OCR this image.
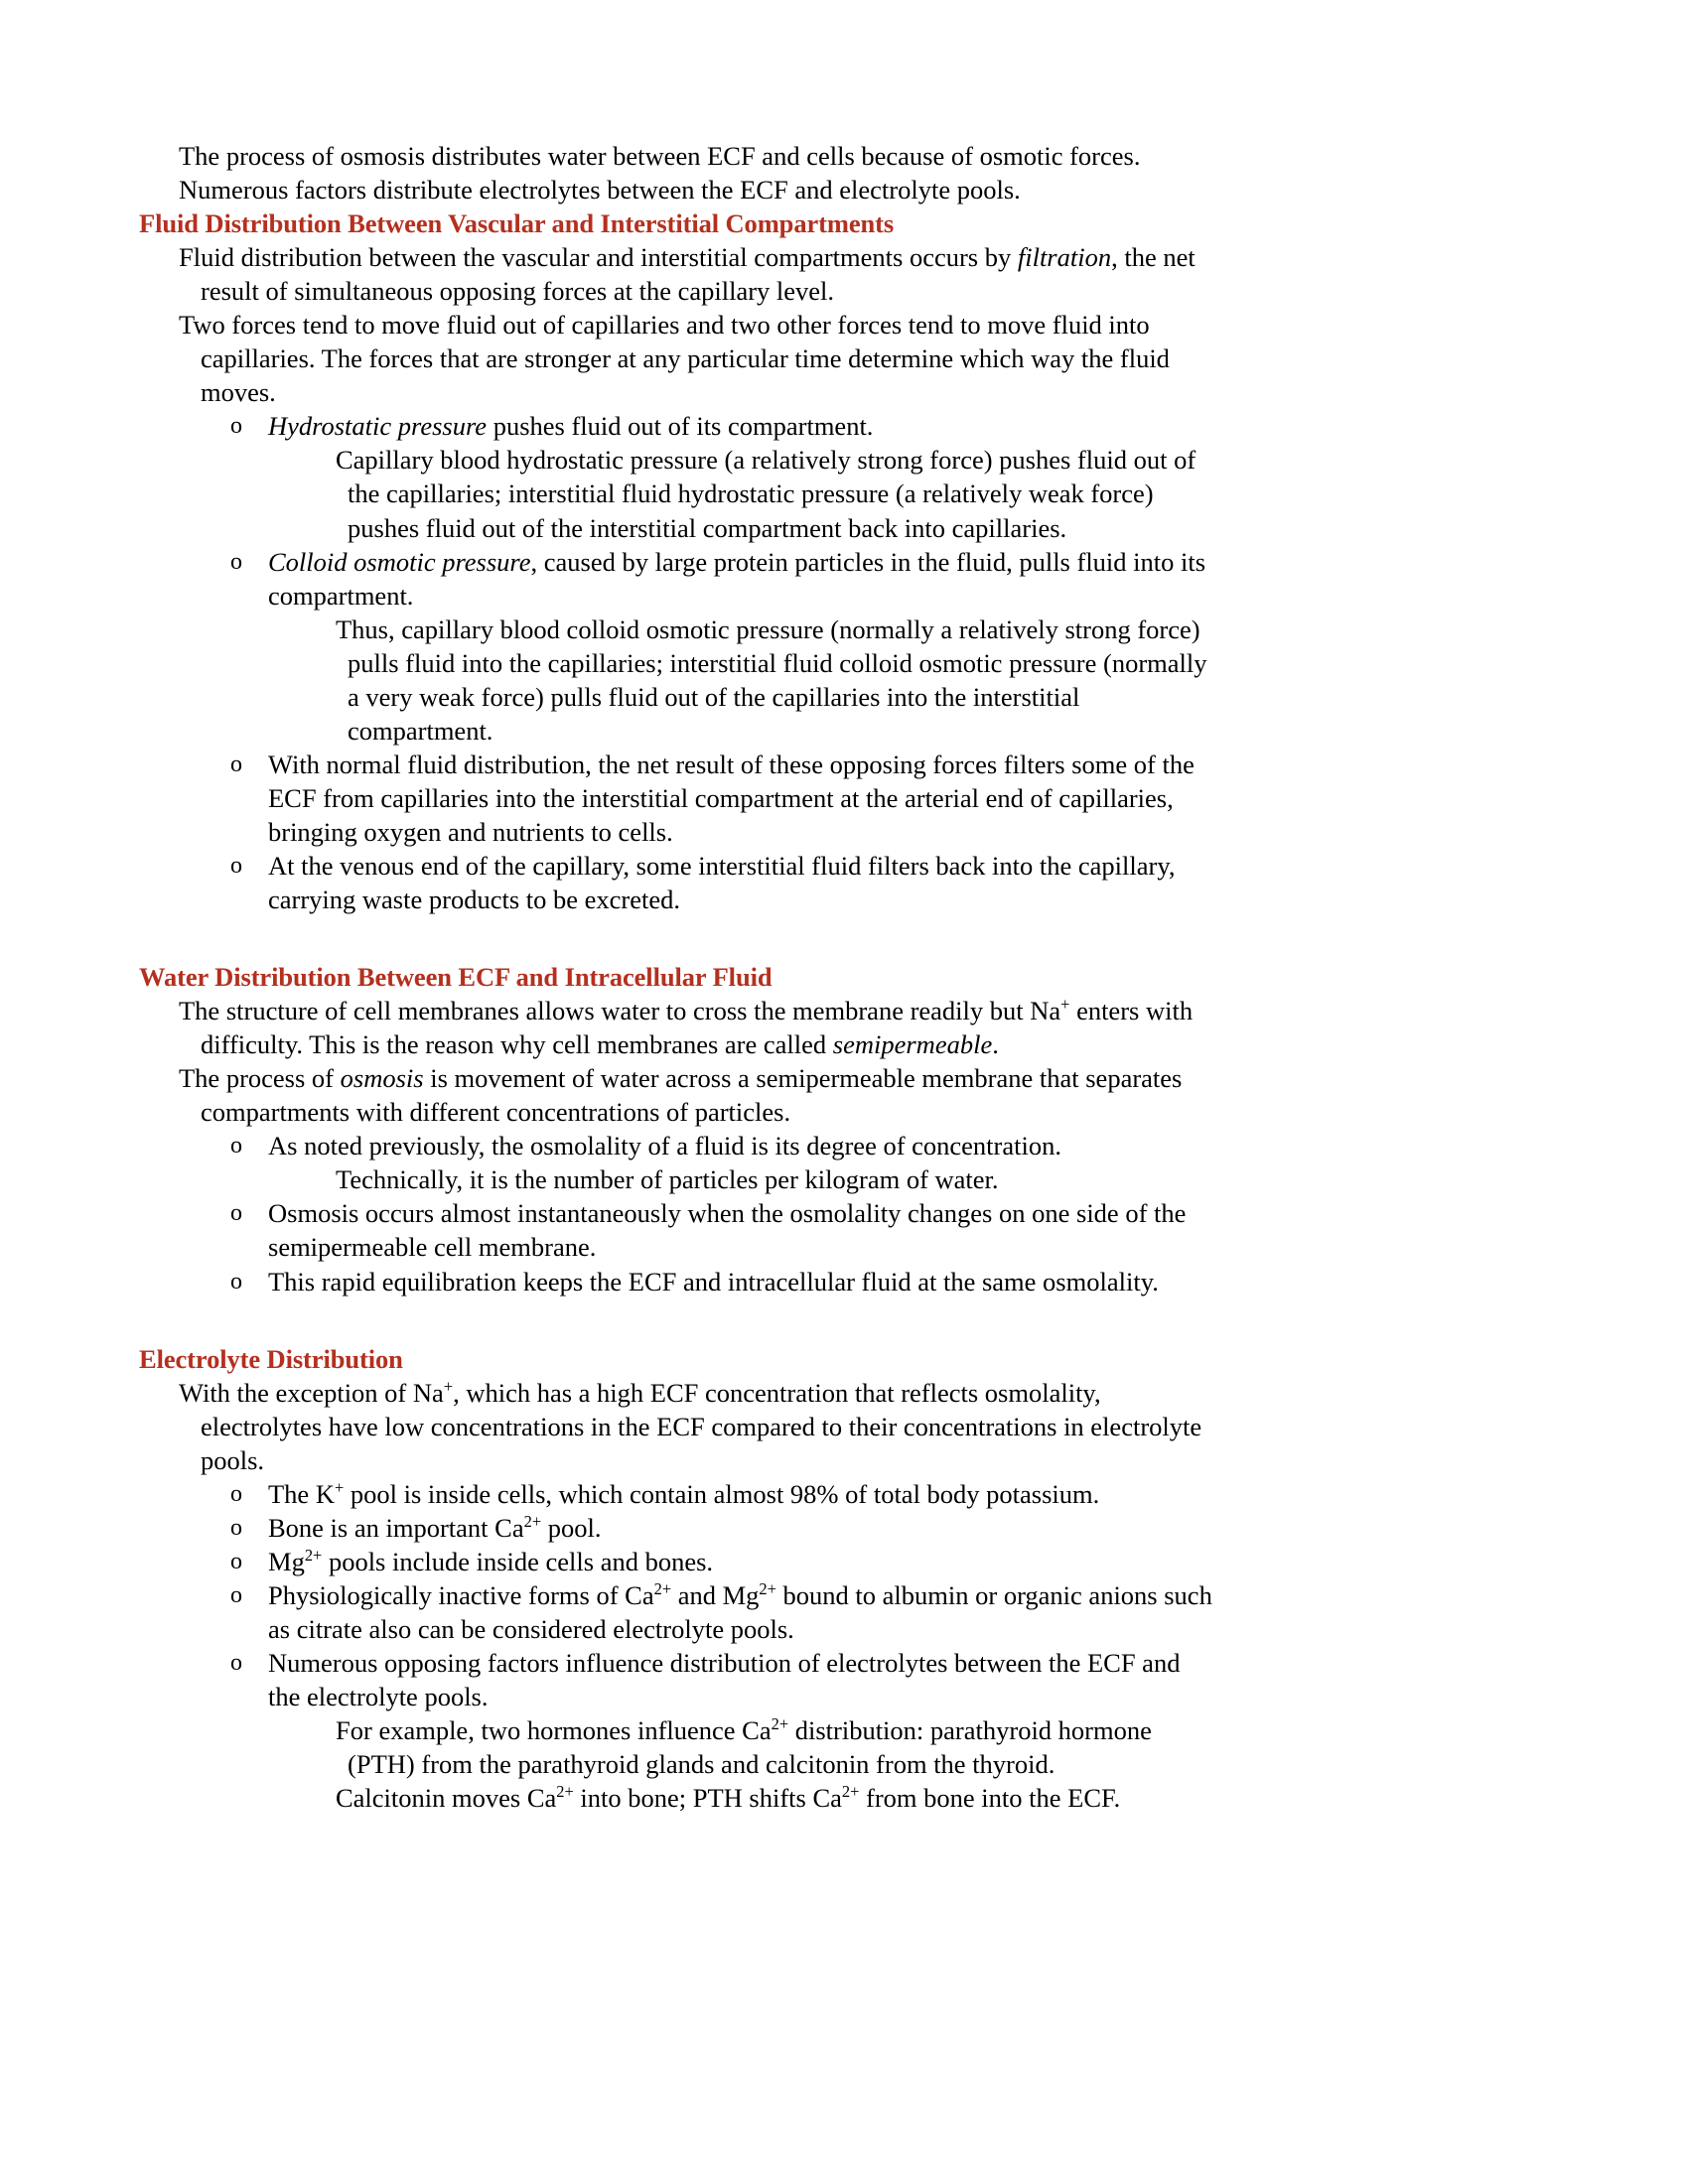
The process of osmosis distributes water between ECF and cells because of osmotic forces.
Numerous factors distribute electrolytes between the ECF and electrolyte pools.
Fluid Distribution Between Vascular and Interstitial Compartments
Fluid distribution between the vascular and interstitial compartments occurs by filtration, the net result of simultaneous opposing forces at the capillary level.
Two forces tend to move fluid out of capillaries and two other forces tend to move fluid into capillaries. The forces that are stronger at any particular time determine which way the fluid moves.
o Hydrostatic pressure pushes fluid out of its compartment.
Capillary blood hydrostatic pressure (a relatively strong force) pushes fluid out of the capillaries; interstitial fluid hydrostatic pressure (a relatively weak force) pushes fluid out of the interstitial compartment back into capillaries.
o Colloid osmotic pressure, caused by large protein particles in the fluid, pulls fluid into its compartment.
Thus, capillary blood colloid osmotic pressure (normally a relatively strong force) pulls fluid into the capillaries; interstitial fluid colloid osmotic pressure (normally a very weak force) pulls fluid out of the capillaries into the interstitial compartment.
o With normal fluid distribution, the net result of these opposing forces filters some of the ECF from capillaries into the interstitial compartment at the arterial end of capillaries, bringing oxygen and nutrients to cells.
o At the venous end of the capillary, some interstitial fluid filters back into the capillary, carrying waste products to be excreted.
Water Distribution Between ECF and Intracellular Fluid
The structure of cell membranes allows water to cross the membrane readily but Na+ enters with difficulty. This is the reason why cell membranes are called semipermeable.
The process of osmosis is movement of water across a semipermeable membrane that separates compartments with different concentrations of particles.
o As noted previously, the osmolality of a fluid is its degree of concentration.
Technically, it is the number of particles per kilogram of water.
o Osmosis occurs almost instantaneously when the osmolality changes on one side of the semipermeable cell membrane.
o This rapid equilibration keeps the ECF and intracellular fluid at the same osmolality.
Electrolyte Distribution
With the exception of Na+, which has a high ECF concentration that reflects osmolality, electrolytes have low concentrations in the ECF compared to their concentrations in electrolyte pools.
o The K+ pool is inside cells, which contain almost 98% of total body potassium.
o Bone is an important $Ca^{2+}$ pool.
o $Mg^{2+}$ pools include inside cells and bones.
o Physiologically inactive forms of $Ca^{2+}$ and $Mg^{2+}$ bound to albumin or organic anions such as citrate also can be considered electrolyte pools.
o Numerous opposing factors influence distribution of electrolytes between the ECF and the electrolyte pools.
For example, two hormones influence $Ca^{2+}$ distribution: parathyroid hormone (PTH) from the parathyroid glands and calcitonin from the thyroid.
Calcitonin moves $Ca^{2+}$ into bone; PTH shifts $Ca^{2+}$ from bone into the ECF.
